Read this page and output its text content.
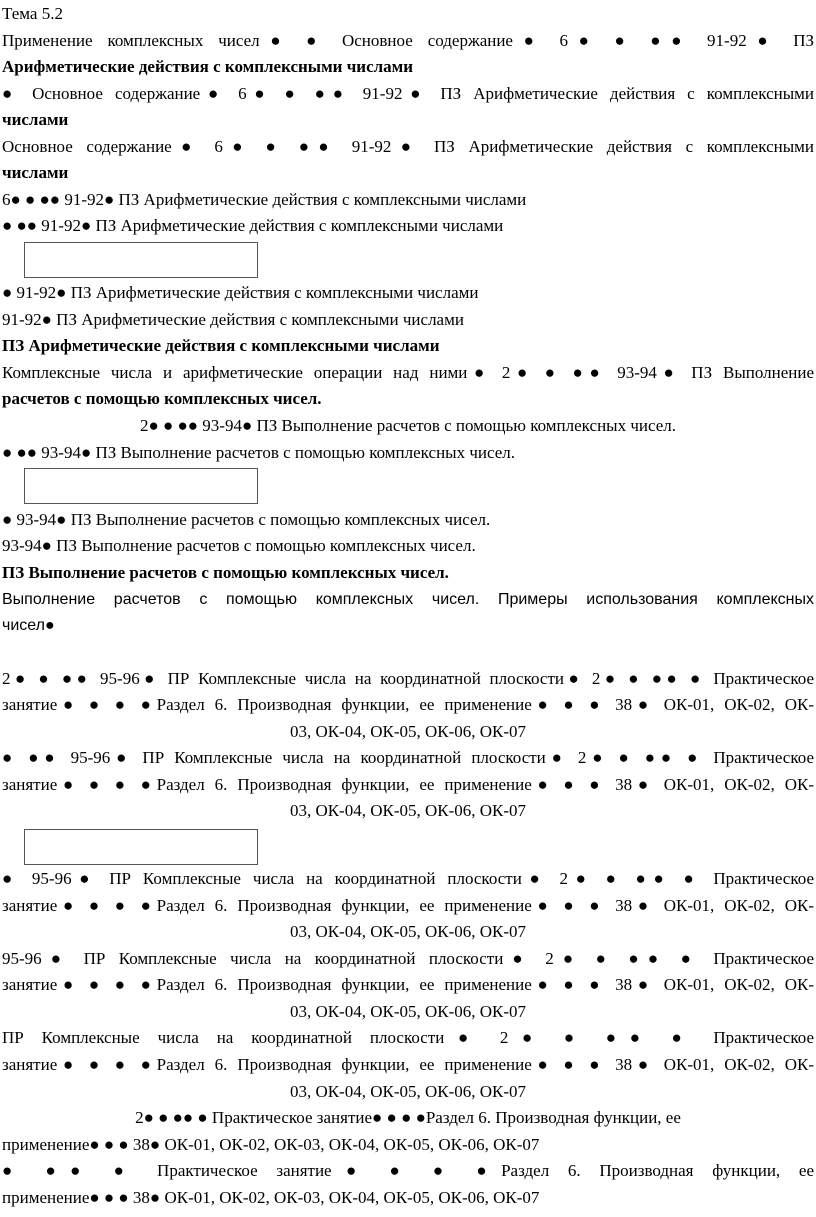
Тема 5.2
Применение комплексных чисел● ● Основное содержание● 6● ● ●● 91-92● ПЗ
Арифметические действия с комплексными числами
● Основное содержание● 6● ● ●● 91-92● ПЗ Арифметические действия с комплексными
числами
Основное содержание● 6● ● ●● 91-92● ПЗ Арифметические действия с комплексными
числами
6● ● ●● 91-92● ПЗ Арифметические действия с комплексными числами
● ●● 91-92● ПЗ Арифметические действия с комплексными числами
● 91-92● ПЗ Арифметические действия с комплексными числами
91-92● ПЗ Арифметические действия с комплексными числами
ПЗ Арифметические действия с комплексными числами
Комплексные числа и арифметические операции над ними● 2● ● ●● 93-94● ПЗ Выполнение
расчетов с помощью комплексных чисел.
2● ● ●● 93-94● ПЗ Выполнение расчетов с помощью комплексных чисел.
● ●● 93-94● ПЗ Выполнение расчетов с помощью комплексных чисел.
● 93-94● ПЗ Выполнение расчетов с помощью комплексных чисел.
93-94● ПЗ Выполнение расчетов с помощью комплексных чисел.
ПЗ Выполнение расчетов с помощью комплексных чисел.
Выполнение расчетов с помощью комплексных чисел. Примеры использования комплексных
чисел●
2● ● ●● 95-96● ПР Комплексные числа на координатной плоскости● 2● ● ●● ● Практическое
занятие● ● ● ●Раздел 6. Производная функции, ее применение● ● ● 38● ОК-01, ОК-02, ОК-
03, ОК-04, ОК-05, ОК-06, ОК-07
● ●● 95-96● ПР Комплексные числа на координатной плоскости● 2● ● ●● ● Практическое
занятие● ● ● ●Раздел 6. Производная функции, ее применение● ● ● 38● ОК-01, ОК-02, ОК-
03, ОК-04, ОК-05, ОК-06, ОК-07
● 95-96● ПР Комплексные числа на координатной плоскости● 2● ● ●● ● Практическое
занятие● ● ● ●Раздел 6. Производная функции, ее применение● ● ● 38● ОК-01, ОК-02, ОК-
03, ОК-04, ОК-05, ОК-06, ОК-07
95-96● ПР Комплексные числа на координатной плоскости● 2● ● ●● ● Практическое
занятие● ● ● ●Раздел 6. Производная функции, ее применение● ● ● 38● ОК-01, ОК-02, ОК-
03, ОК-04, ОК-05, ОК-06, ОК-07
ПР Комплексные числа на координатной плоскости● 2● ● ●● ● Практическое
занятие● ● ● ●Раздел 6. Производная функции, ее применение● ● ● 38● ОК-01, ОК-02, ОК-
03, ОК-04, ОК-05, ОК-06, ОК-07
2● ● ●● ● Практическое занятие● ● ● ●Раздел 6. Производная функции, ее
применение● ● ● 38● ОК-01, ОК-02, ОК-03, ОК-04, ОК-05, ОК-06, ОК-07
● ●● ● Практическое занятие● ● ● ●Раздел 6. Производная функции, ее
применение● ● ● 38● ОК-01, ОК-02, ОК-03, ОК-04, ОК-05, ОК-06, ОК-07
